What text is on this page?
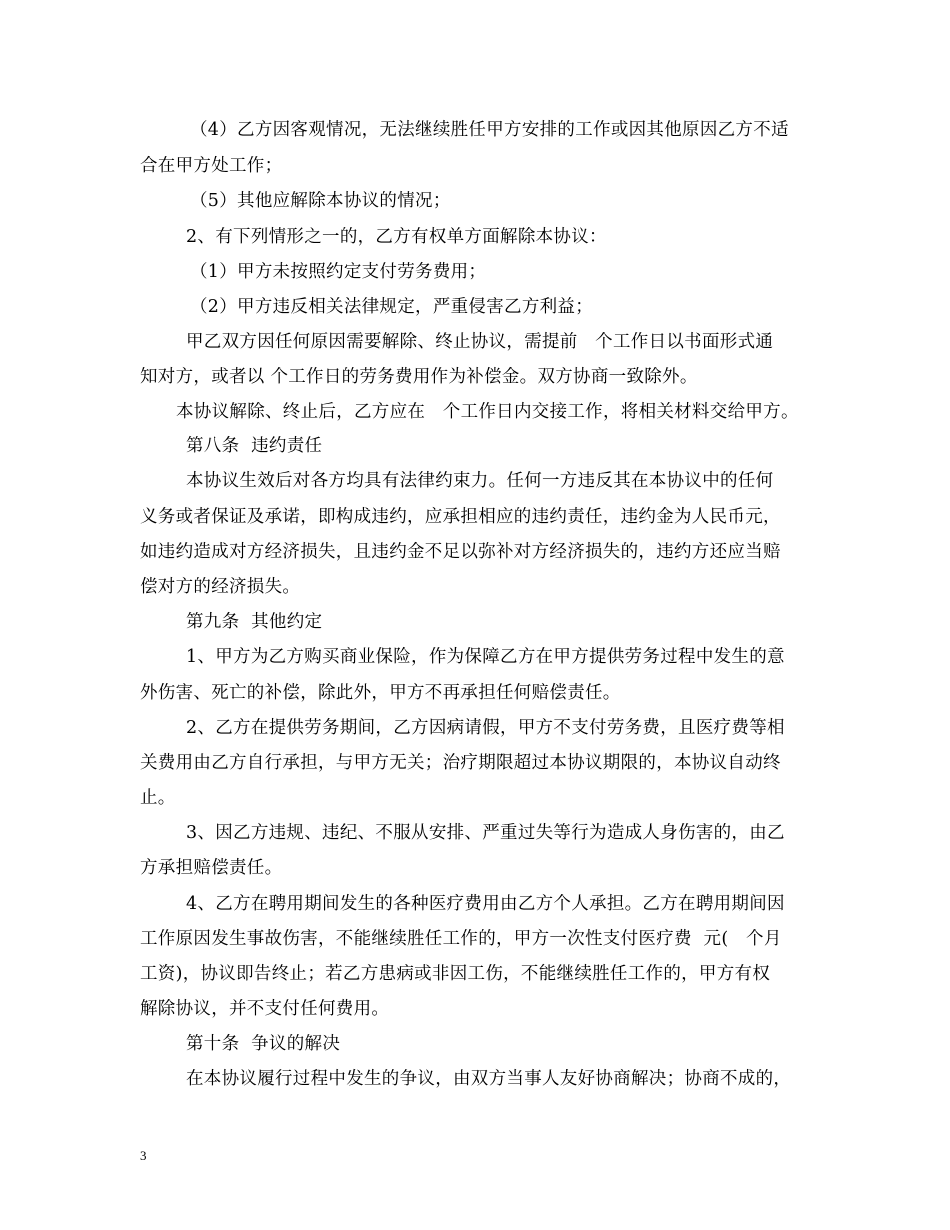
（4）乙方因客观情况，无法继续胜任甲方安排的工作或因其他原因乙方不适
合在甲方处工作；
（5）其他应解除本协议的情况；
2、有下列情形之一的，乙方有权单方面解除本协议：
（1）甲方未按照约定支付劳务费用；
（2）甲方违反相关法律规定，严重侵害乙方利益；
甲乙双方因任何原因需要解除、终止协议，需提前   个工作日以书面形式通
知对方，或者以 个工作日的劳务费用作为补偿金。双方协商一致除外。
本协议解除、终止后，乙方应在   个工作日内交接工作，将相关材料交给甲方。
第八条  违约责任
本协议生效后对各方均具有法律约束力。任何一方违反其在本协议中的任何
义务或者保证及承诺，即构成违约，应承担相应的违约责任，违约金为人民币元，
如违约造成对方经济损失，且违约金不足以弥补对方经济损失的，违约方还应当赔
偿对方的经济损失。
第九条  其他约定
1、甲方为乙方购买商业保险，作为保障乙方在甲方提供劳务过程中发生的意
外伤害、死亡的补偿，除此外，甲方不再承担任何赔偿责任。
2、乙方在提供劳务期间，乙方因病请假，甲方不支付劳务费，且医疗费等相
关费用由乙方自行承担，与甲方无关；治疗期限超过本协议期限的，本协议自动终
止。
3、因乙方违规、违纪、不服从安排、严重过失等行为造成人身伤害的，由乙
方承担赔偿责任。
4、乙方在聘用期间发生的各种医疗费用由乙方个人承担。乙方在聘用期间因
工作原因发生事故伤害，不能继续胜任工作的，甲方一次性支付医疗费  元(   个月
工资)，协议即告终止；若乙方患病或非因工伤，不能继续胜任工作的，甲方有权
解除协议，并不支付任何费用。
第十条  争议的解决
在本协议履行过程中发生的争议，由双方当事人友好协商解决；协商不成的，
3
